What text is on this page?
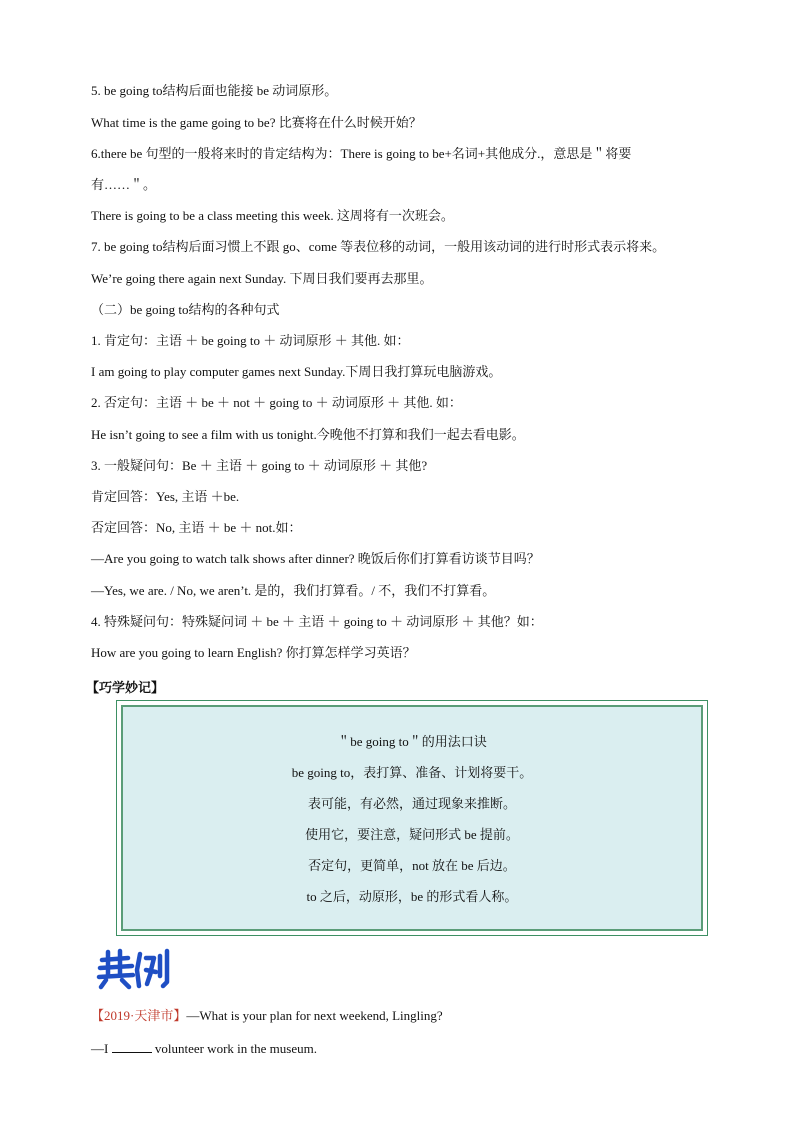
5. be going to结构后面也能接 be 动词原形。
What time is the game going to be? 比赛将在什么时候开始？
6.there be 句型的一般将来时的肯定结构为：There is going to be+名词+其他成分.，意思是＂将要
有……＂。
There is going to be a class meeting this week. 这周将有一次班会。
7. be going to结构后面习惯上不跟 go、come 等表位移的动词，一般用该动词的进行时形式表示将来。
We’re going there again next Sunday. 下周日我们要再去那里。
（二）be going to结构的各种句式
1. 肯定句：主语 ＋ be going to ＋ 动词原形 ＋ 其他. 如：
I am going to play computer games next Sunday.下周日我打算玩电脑游戏。
2. 否定句：主语 ＋ be ＋ not ＋ going to ＋ 动词原形 ＋ 其他. 如：
He isn’t going to see a film with us tonight.今晚他不打算和我们一起去看电影。
3. 一般疑问句：Be ＋ 主语 ＋ going to ＋ 动词原形 ＋ 其他?
肯定回答：Yes, 主语 ＋be.
否定回答：No, 主语 ＋ be ＋ not.如：
—Are you going to watch talk shows after dinner? 晚饭后你们打算看访谈节目吗？
—Yes, we are. / No, we aren’t. 是的，我们打算看。/ 不，我们不打算看。
4. 特殊疑问句：特殊疑问词 ＋ be ＋ 主语 ＋ going to ＋ 动词原形 ＋ 其他？如：
How are you going to learn English? 你打算怎样学习英语？
【巧学妙记】
＂be going to＂的用法口诀
be going to，表打算、准备、计划将要干。
表可能，有必然，通过现象来推断。
使用它，要注意，疑问形式 be 提前。
否定句，更简单，not 放在 be 后边。
to 之后，动原形，be 的形式看人称。
【2019·天津市】—What is your plan for next weekend, Lingling?
—I	volunteer work in the museum.
